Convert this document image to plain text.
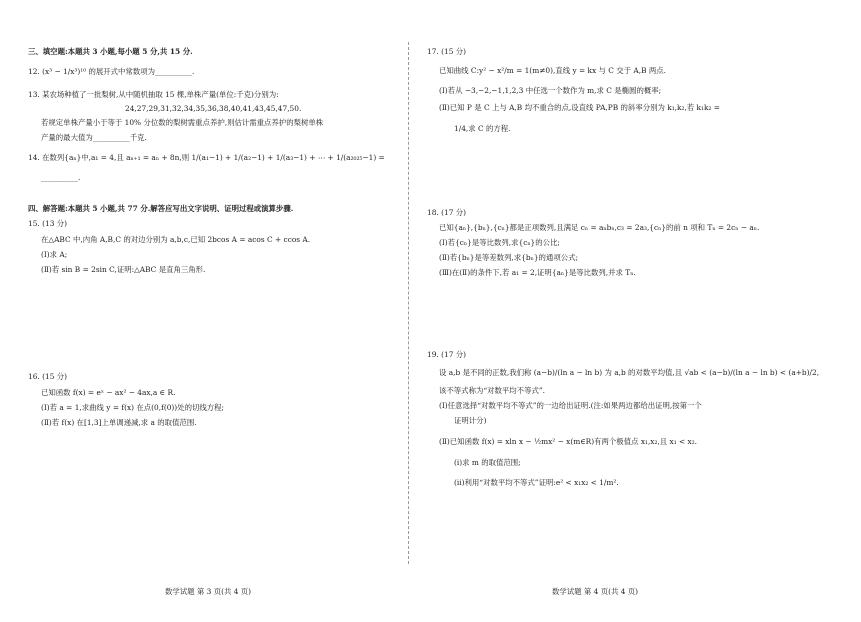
三、填空题:本题共 3 小题,每小题 5 分,共 15 分.
12. (x³ − 1/x³)¹⁰ 的展开式中常数项为__________.
13. 某农场种植了一批梨树,从中随机抽取 15 棵,单株产量(单位:千克)分别为:
24,27,29,31,32,34,35,36,38,40,41,43,45,47,50.
若规定单株产量小于等于 10% 分位数的梨树需重点养护,则估计需重点养护的梨树单株
产量的最大值为__________千克.
14. 在数列{aₙ}中,a₁ = 4,且 aₙ₊₁ = aₙ + 8n,则 1/(a₁−1) + 1/(a₂−1) + 1/(a₃−1) + ⋯ + 1/(a₂₀₂₅−1) =
__________.
四、解答题:本题共 5 小题,共 77 分.解答应写出文字说明、证明过程或演算步骤.
15. (13 分)
在△ABC 中,内角 A,B,C 的对边分别为 a,b,c,已知 2bcos A = acos C + ccos A.
(Ⅰ)求 A;
(Ⅱ)若 sin B = 2sin C,证明:△ABC 是直角三角形.
16. (15 分)
已知函数 f(x) = eˣ − ax² − 4ax,a ∈ R.
(Ⅰ)若 a = 1,求曲线 y = f(x) 在点(0,f(0))处的切线方程;
(Ⅱ)若 f(x) 在[1,3]上单调递减,求 a 的取值范围.
数学试题 第 3 页(共 4 页)
17. (15 分)
已知曲线 C:y² − x²/m = 1(m≠0),直线 y = kx 与 C 交于 A,B 两点.
(Ⅰ)若从 −3,−2,−1,1,2,3 中任选一个数作为 m,求 C 是椭圆的概率;
(Ⅱ)已知 P 是 C 上与 A,B 均不重合的点,设直线 PA,PB 的斜率分别为 k₁,k₂,若 k₁k₂ =
1/4,求 C 的方程.
18. (17 分)
已知{aₙ},{bₙ},{cₙ}都是正项数列,且满足 cₙ = aₙbₙ,c₃ = 2a₃,{cₙ}的前 n 项和 Tₙ = 2cₙ − aₙ.
(Ⅰ)若{cₙ}是等比数列,求{cₙ}的公比;
(Ⅱ)若{bₙ}是等差数列,求{bₙ}的通项公式;
(Ⅲ)在(Ⅱ)的条件下,若 a₁ = 2,证明{aₙ}是等比数列,并求 Tₙ.
19. (17 分)
设 a,b 是不同的正数,我们称 (a−b)/(ln a − ln b) 为 a,b 的对数平均值,且 √ab < (a−b)/(ln a − ln b) < (a+b)/2,
该不等式称为“对数平均不等式”.
(Ⅰ)任意选择“对数平均不等式”的一边给出证明.(注:如果两边都给出证明,按第一个
证明计分)
(Ⅱ)已知函数 f(x) = xln x − ½mx² − x(m∈R)有两个极值点 x₁,x₂,且 x₁ < x₂.
(ⅰ)求 m 的取值范围;
(ⅱ)利用“对数平均不等式”证明:e² < x₁x₂ < 1/m².
数学试题 第 4 页(共 4 页)
